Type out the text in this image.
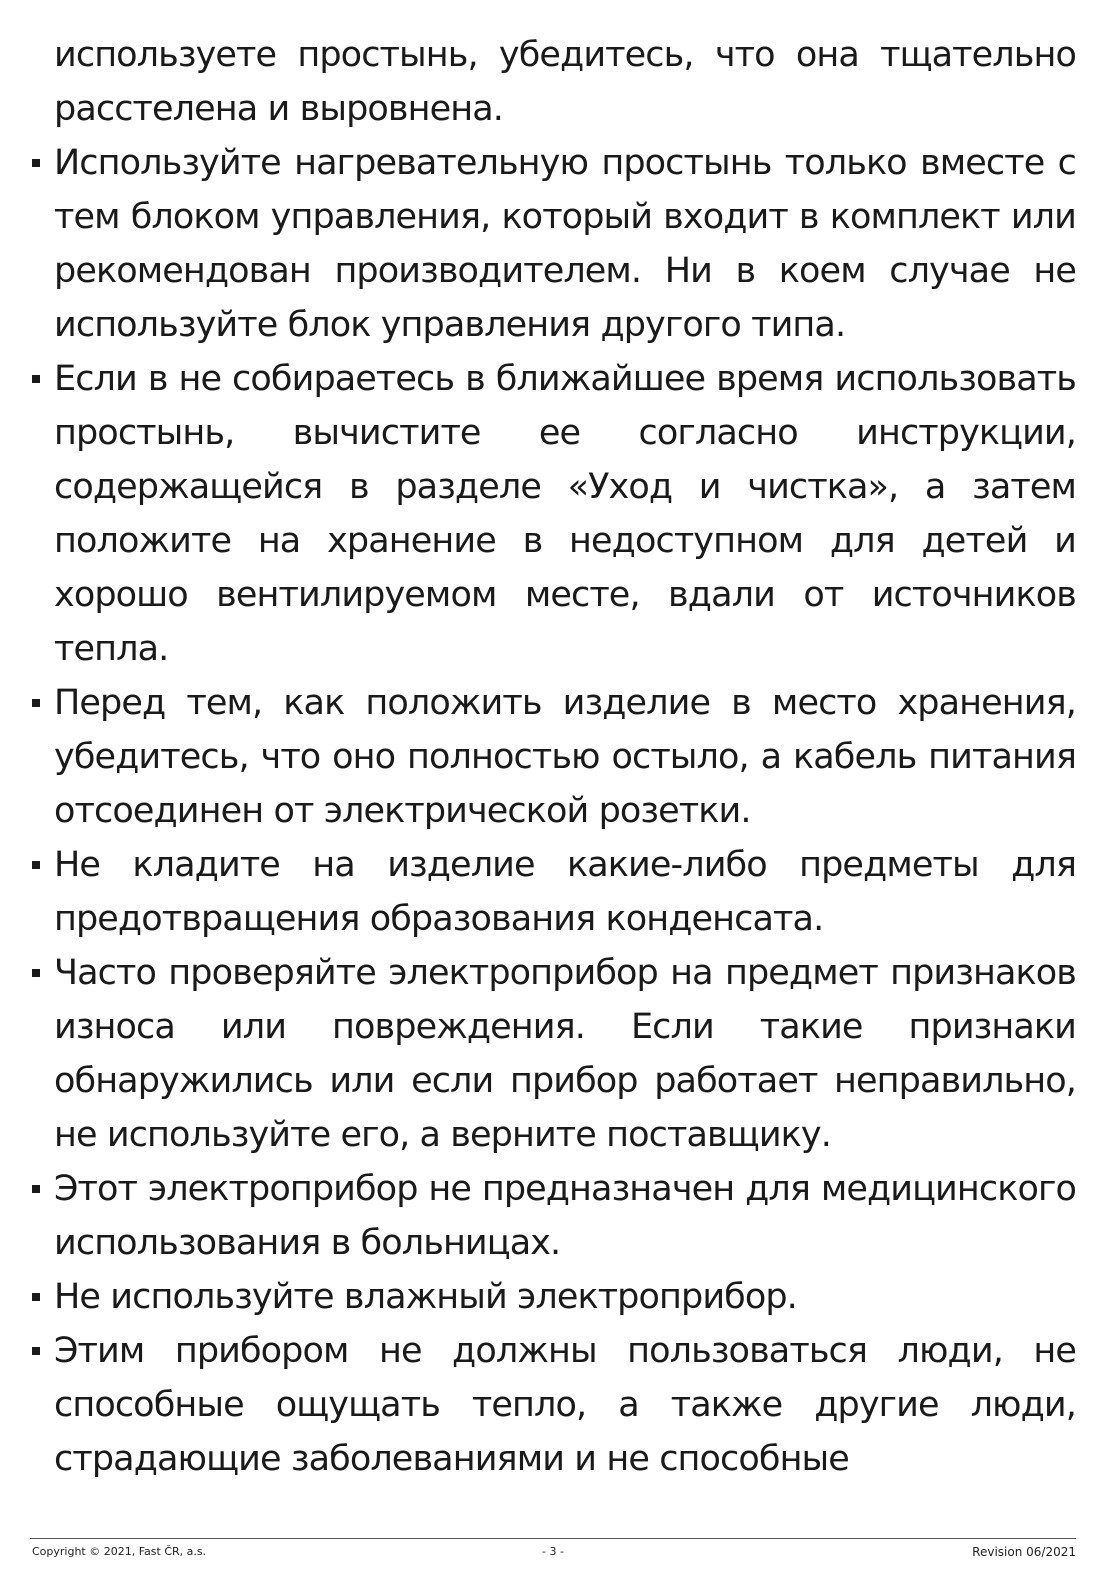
используете простынь, убедитесь, что она тщательно расстелена и выровнена.

Используйте нагревательную простынь только вместе с тем блоком управления, который входит в комплект или рекомендован производителем. Ни в коем случае не используйте блок управления другого типа.
Если в не собираетесь в ближайшее время использовать простынь, вычистите ее согласно инструкции, содержащейся в разделе «Уход и чистка», а затем положите на хранение в недоступном для детей и хорошо вентилируемом месте, вдали от источников тепла.
Перед тем, как положить изделие в место хранения, убедитесь, что оно полностью остыло, а кабель питания отсоединен от электрической розетки.
Не кладите на изделие какие-либо предметы для предотвращения образования конденсата.
Часто проверяйте электроприбор на предмет признаков износа или повреждения. Если такие признаки обнаружились или если прибор работает неправильно, не используйте его, а верните поставщику.
Этот электроприбор не предназначен для медицинского использования в больницах.
Не используйте влажный электроприбор.
Этим прибором не должны пользоваться люди, не способные ощущать тепло, а также другие люди, страдающие заболеваниями и не способные
Copyright © 2021, Fast ČR, a.s.	- 3 -	Revision 06/2021
